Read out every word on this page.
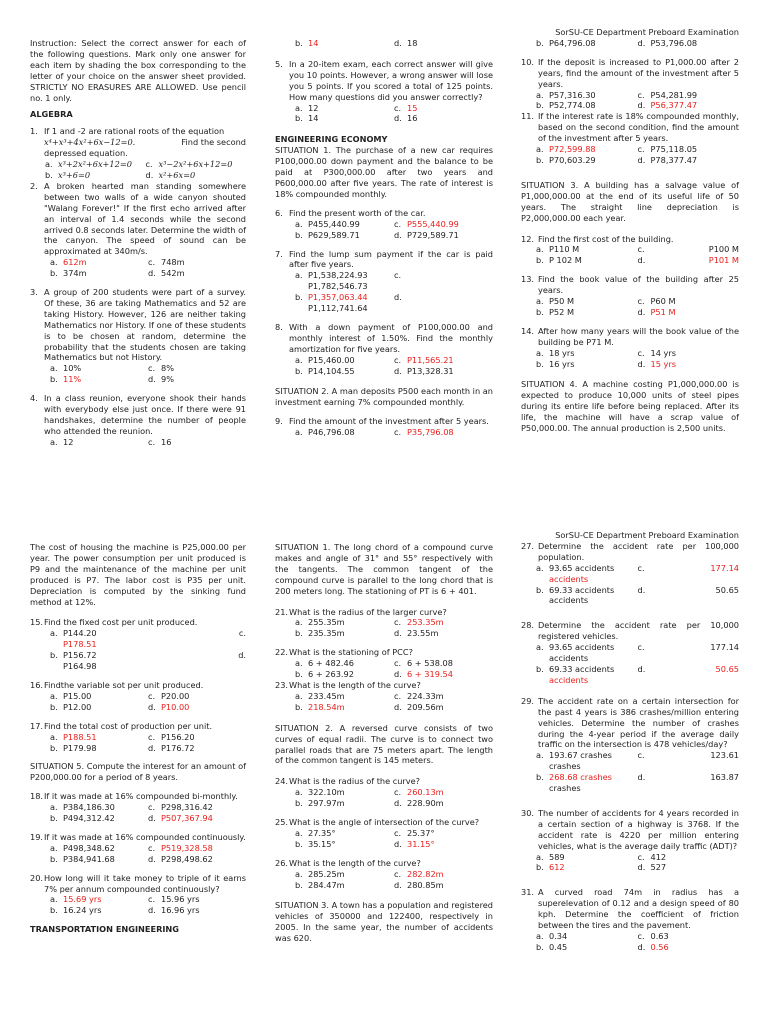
Instruction: Select the correct answer for each of the following questions. Mark only one answer for each item by shading the box corresponding to the letter of your choice on the answer sheet provided. STRICTLY NO ERASURES ARE ALLOWED. Use pencil no. 1 only.
ALGEBRA
1. If 1 and -2 are rational roots of the equation
x⁴+x³+4x²+6x−12=0.	Find the second
depressed equation.
a. x³+2x²+6x+12=0 c. x³−2x²+6x+12=0
b. x³+6=0	d. x²+6x=0
2. A broken hearted man standing somewhere between two walls of a wide canyon shouted "Walang Forever!" If the first echo arrived after an interval of 1.4 seconds while the second arrived 0.8 seconds later. Determine the width of the canyon. The speed of sound can be approximated at 340m/s.
a. 612m	c. 748m
b. 374m	d. 542m
3. A group of 200 students were part of a survey. Of these, 36 are taking Mathematics and 52 are taking History. However, 126 are neither taking Mathematics nor History. If one of these students is to be chosen at random, determine the probability that the students chosen are taking Mathematics but not History.
a. 10%	c. 8%
b. 11%	d. 9%
4. In a class reunion, everyone shook their hands with everybody else just once. If there were 91 handshakes, determine the number of people who attended the reunion.
a. 12	c. 16
b. 14	d. 18
5. In a 20-item exam, each correct answer will give you 10 points. However, a wrong answer will lose you 5 points. If you scored a total of 125 points. How many questions did you answer correctly?
a. 12	c. 15
b. 14	d. 16
ENGINEERING ECONOMY
SITUATION 1. The purchase of a new car requires P100,000.00 down payment and the balance to be paid at P300,000.00 after two years and P600,000.00 after five years. The rate of interest is 18% compounded monthly.
6. Find the present worth of the car.
a. P455,440.99	c. P555,440.99
b. P629,589.71	d. P729,589.71
7. Find the lump sum payment if the car is paid after five years.
a. P1,538,224.93	c.
P1,782,546.73
b. P1,357,063.44	d.
P1,112,741.64
8. With a down payment of P100,000.00 and monthly interest of 1.50%. Find the monthly amortization for five years.
a. P15,460.00	c. P11,565.21
b. P14,104.55	d. P13,328.31
SITUATION 2. A man deposits P500 each month in an investment earning 7% compounded monthly.
9. Find the amount of the investment after 5 years.
a. P46,796.08	c. P35,796.08
SorSU-CE Department Preboard Examination
b. P64,796.08	d. P53,796.08
10. If the deposit is increased to P1,000.00 after 2 years, find the amount of the investment after 5 years.
a. P57,316.30	c. P54,281.99
b. P52,774.08	d. P56,377.47
11. If the interest rate is 18% compounded monthly, based on the second condition, find the amount of the investment after 5 years.
a. P72,599.88	c. P75,118.05
b. P70,603.29	d. P78,377.47
SITUATION 3. A building has a salvage value of P1,000,000.00 at the end of its useful life of 50 years. The straight line depreciation is P2,000,000.00 each year.
12. Find the first cost of the building.
a. P110 M	c.	P100 M
b. P 102 M	d.	P101 M
13. Find the book value of the building after 25 years.
a. P50 M	c. P60 M
b. P52 M	d. P51 M
14. After how many years will the book value of the building be P71 M.
a. 18 yrs	c. 14 yrs
b. 16 yrs	d. 15 yrs
SITUATION 4. A machine costing P1,000,000.00 is expected to produce 10,000 units of steel pipes during its entire life before being replaced. After its life, the machine will have a scrap value of P50,000.00. The annual production is 2,500 units.
The cost of housing the machine is P25,000.00 per year. The power consumption per unit produced is P9 and the maintenance of the machine per unit produced is P7. The labor cost is P35 per unit. Depreciation is computed by the sinking fund method at 12%.
15. Find the fixed cost per unit produced.
a. P144.20	c.
P178.51
b. P156.72	d.
P164.98
16. Findthe variable sot per unit produced.
a. P15.00	c. P20.00
b. P12.00	d. P10.00
17. Find the total cost of production per unit.
a. P188.51	c. P156.20
b. P179.98	d. P176.72
SITUATION 5. Compute the interest for an amount of P200,000.00 for a period of 8 years.
18. If it was made at 16% compounded bi-monthly.
a. P384,186.30	c. P298,316.42
b. P494,312.42	d. P507,367.94
19. If it was made at 16% compounded continuously.
a. P498,348.62	c. P519,328.58
b. P384,941.68	d. P298,498.62
20. How long will it take money to triple of it earns 7% per annum compounded continuously?
a. 15.69 yrs	c. 15.96 yrs
b. 16.24 yrs	d. 16.96 yrs
TRANSPORTATION ENGINEERING
SITUATION 1. The long chord of a compound curve makes and angle of 31° and 55° respectively with the tangents. The common tangent of the compound curve is parallel to the long chord that is 200 meters long. The stationing of PT is 6 + 401.
21. What is the radius of the larger curve?
a. 255.35m	c. 253.35m
b. 235.35m	d. 23.55m
22. What is the stationing of PCC?
a. 6 + 482.46	c. 6 + 538.08
b. 6 + 263.92	d. 6 + 319.54
23. What is the length of the curve?
a. 233.45m	c. 224.33m
b. 218.54m	d. 209.56m
SITUATION 2. A reversed curve consists of two curves of equal radii. The curve is to connect two parallel roads that are 75 meters apart. The length of the common tangent is 145 meters.
24. What is the radius of the curve?
a. 322.10m	c. 260.13m
b. 297.97m	d. 228.90m
25. What is the angle of intersection of the curve?
a. 27.35°	c. 25.37°
b. 35.15°	d. 31.15°
26. What is the length of the curve?
a. 285.25m	c. 282.82m
b. 284.47m	d. 280.85m
SITUATION 3. A town has a population and registered vehicles of 350000 and 122400, respectively in 2005. In the same year, the number of accidents was 620.
SorSU-CE Department Preboard Examination
27. Determine the accident rate per 100,000 population.
a. 93.65 accidents	c.	177.14
accidents
b. 69.33 accidents	d.	50.65
accidents
28. Determine the accident rate per 10,000 registered vehicles.
a. 93.65 accidents	c.	177.14
accidents
b. 69.33 accidents	d.	50.65
accidents
29. The accident rate on a certain intersection for the past 4 years is 386 crashes/million entering vehicles. Determine the number of crashes during the 4-year period if the average daily traffic on the intersection is 478 vehicles/day?
a. 193.67 crashes	c.	123.61
crashes
b. 268.68 crashes	d.	163.87
crashes
30. The number of accidents for 4 years recorded in a certain section of a highway is 3768. If the accident rate is 4220 per million entering vehicles, what is the average daily traffic (ADT)?
a. 589	c. 412
b. 612	d. 527
31. A curved road 74m in radius has a superelevation of 0.12 and a design speed of 80 kph. Determine the coefficient of friction between the tires and the pavement.
a. 0.34	c. 0.63
b. 0.45	d. 0.56
